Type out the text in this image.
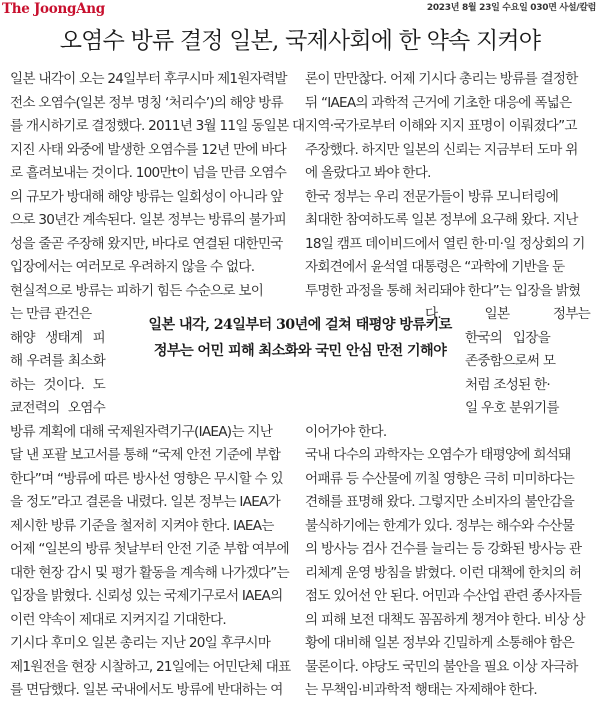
The JoongAng	2023년 8월 23일 수요일 030면 사설/칼럼
오염수 방류 결정 일본, 국제사회에 한 약속 지켜야
일본 내각이 오는 24일부터 후쿠시마 제1원자력발
전소 오염수(일본 정부 명칭 ‘처리수’)의 해양 방류
를 개시하기로 결정했다. 2011년 3월 11일 동일본 대
지진 사태 와중에 발생한 오염수를 12년 만에 바다
로 흘려보내는 것이다. 100만t이 넘을 만큼 오염수
의 규모가 방대해 해양 방류는 일회성이 아니라 앞
으로 30년간 계속된다. 일본 정부는 방류의 불가피
성을 줄곧 주장해 왔지만, 바다로 연결된 대한민국
입장에서는 여러모로 우려하지 않을 수 없다.
현실적으로 방류는 피하기 힘든 수순으로 보이
는 만큼 관건은
해양 생태계 피
해 우려를 최소화
하는 것이다. 도
쿄전력의 오염수
방류 계획에 대해 국제원자력기구(IAEA)는 지난
달 낸 포괄 보고서를 통해 “국제 안전 기준에 부합
한다”며 “방류에 따른 방사선 영향은 무시할 수 있
을 정도”라고 결론을 내렸다. 일본 정부는 IAEA가
제시한 방류 기준을 철저히 지켜야 한다. IAEA는
어제 “일본의 방류 첫날부터 안전 기준 부합 여부에
대한 현장 감시 및 평가 활동을 계속해 나가겠다”는
입장을 밝혔다. 신뢰성 있는 국제기구로서 IAEA의
이런 약속이 제대로 지켜지길 기대한다.
기시다 후미오 일본 총리는 지난 20일 후쿠시마
제1원전을 현장 시찰하고, 21일에는 어민단체 대표
를 면담했다. 일본 국내에서도 방류에 반대하는 여
론이 만만찮다. 어제 기시다 총리는 방류를 결정한
뒤 “IAEA의 과학적 근거에 기초한 대응에 폭넓은
지역·국가로부터 이해와 지지 표명이 이뤄졌다”고
주장했다. 하지만 일본의 신뢰는 지금부터 도마 위
에 올랐다고 봐야 한다.
한국 정부는 우리 전문가들이 방류 모니터링에
최대한 참여하도록 일본 정부에 요구해 왔다. 지난
18일 캠프 데이비드에서 열린 한·미·일 정상회의 기
자회견에서 윤석열 대통령은 “과학에 기반을 둔
투명한 과정을 통해 처리돼야 한다”는 입장을 밝혔
다. 일본 정부는
한국의 입장을
존중함으로써 모
처럼 조성된 한·
일 우호 분위기를
이어가야 한다.
국내 다수의 과학자는 오염수가 태평양에 희석돼
어패류 등 수산물에 끼칠 영향은 극히 미미하다는
견해를 표명해 왔다. 그렇지만 소비자의 불안감을
불식하기에는 한계가 있다. 정부는 해수와 수산물
의 방사능 검사 건수를 늘리는 등 강화된 방사능 관
리체계 운영 방침을 밝혔다. 이런 대책에 한치의 허
점도 있어선 안 된다. 어민과 수산업 관련 종사자들
의 피해 보전 대책도 꼼꼼하게 챙겨야 한다. 비상 상
황에 대비해 일본 정부와 긴밀하게 소통해야 함은
물론이다. 야당도 국민의 불안을 필요 이상 자극하
는 무책임·비과학적 행태는 자제해야 한다.
일본 내각, 24일부터 30년에 걸쳐 태평양 방류키로
정부는 어민 피해 최소화와 국민 안심 만전 기해야
